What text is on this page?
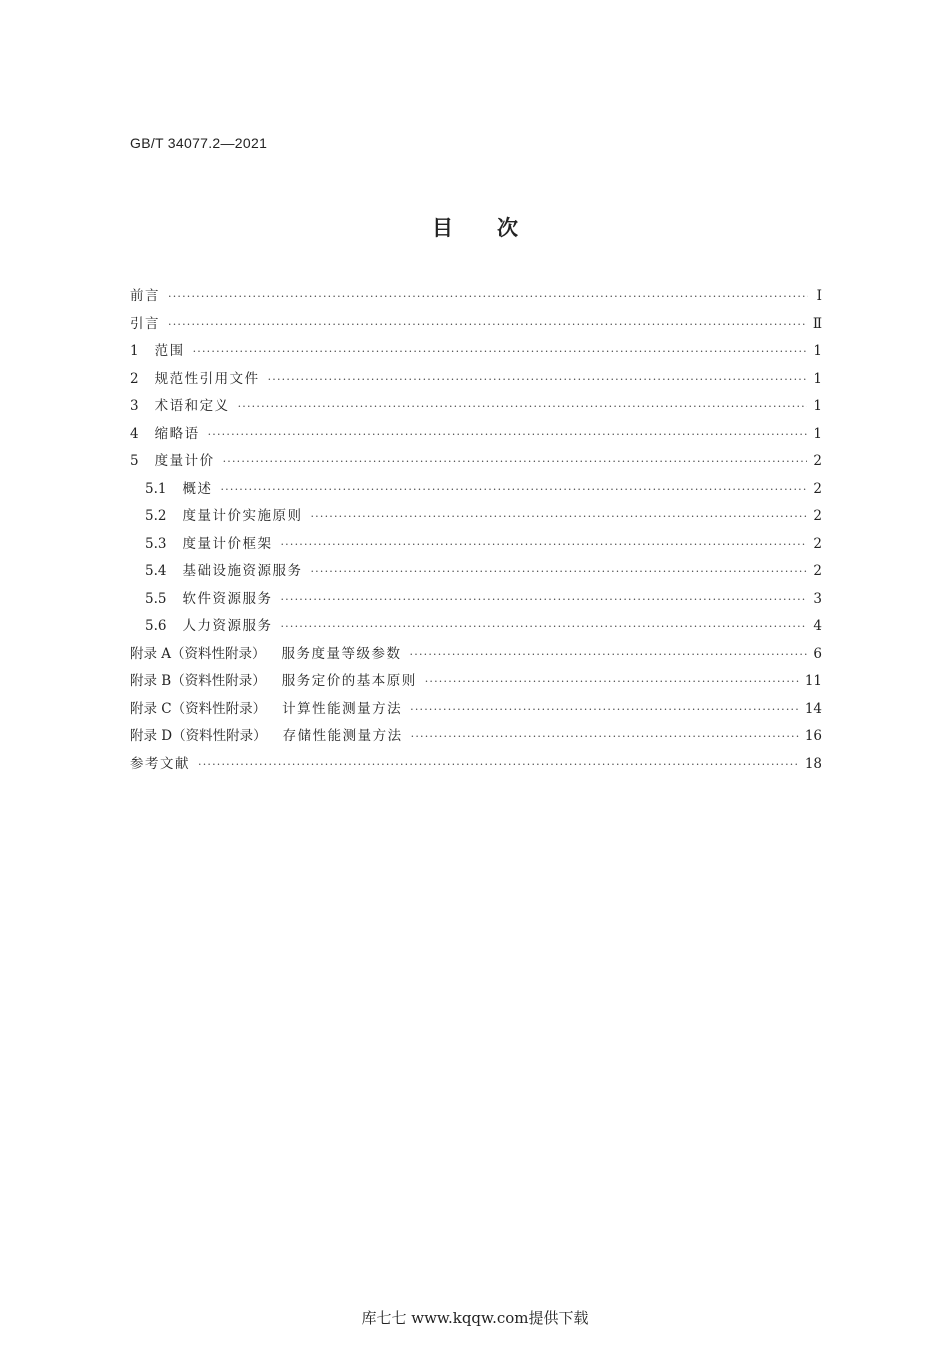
GB/T 34077.2—2021
目次
前言 ·····	Ⅰ
引言 ·····	Ⅱ
1 范围 ·····	1
2 规范性引用文件 ·····	1
3 术语和定义 ·····	1
4 缩略语 ·····	1
5 度量计价 ·····	2
5.1 概述 ·····	2
5.2 度量计价实施原则 ·····	2
5.3 度量计价框架 ·····	2
5.4 基础设施资源服务 ·····	2
5.5 软件资源服务 ·····	3
5.6 人力资源服务 ·····	4
附录 A（资料性附录） 服务度量等级参数 ·····	6
附录 B（资料性附录） 服务定价的基本原则 ·····	11
附录 C（资料性附录） 计算性能测量方法 ·····	14
附录 D（资料性附录） 存储性能测量方法 ·····	16
参考文献 ·····	18
库七七 www.kqqw.com提供下载
